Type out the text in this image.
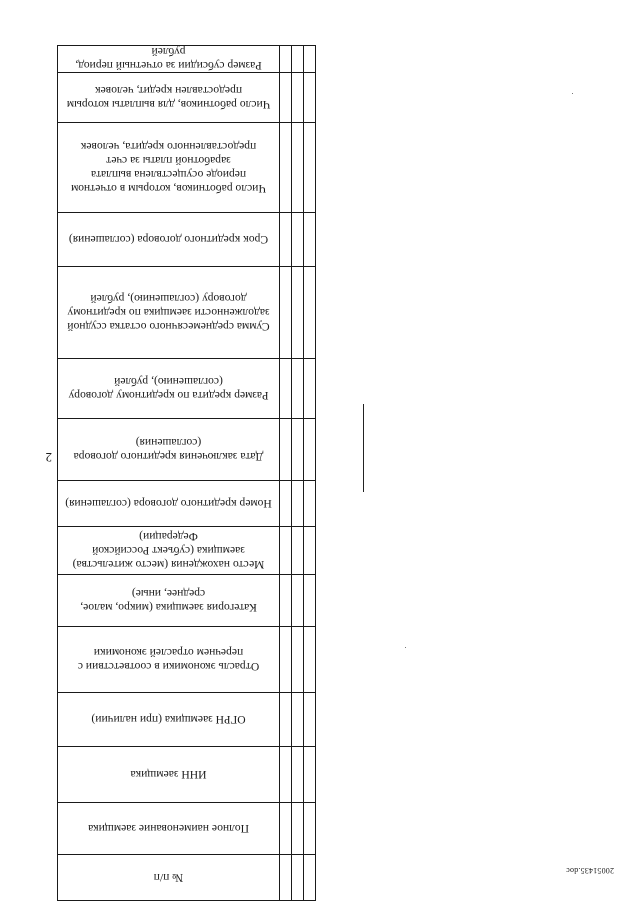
2
20051435.doc
№ п/п
Полное наименование заемщика
ИНН заемщика
ОГРН заемщика (при наличии)
Отрасль экономики в соответствии с перечнем отраслей экономики
Категория заемщика (микро, малое, среднее, иные)
Место нахождения (место жительства) заемщика (субъект Российской Федерации)
Номер кредитного договора (соглашения)
Дата заключения кредитного договора (соглашения)
Размер кредита по кредитному договору (соглашению), рублей
Сумма среднемесячного остатка ссудной задолженности заемщика по кредитному договору (соглашению), рублей
Срок кредитного договора (соглашения)
Число работников, которым в отчетном периоде осуществлена выплата заработной платы за счет предоставленного кредита, человек
Число работников, для выплаты которым предоставлен кредит, человек
Размер субсидии за отчетный период, рублей
